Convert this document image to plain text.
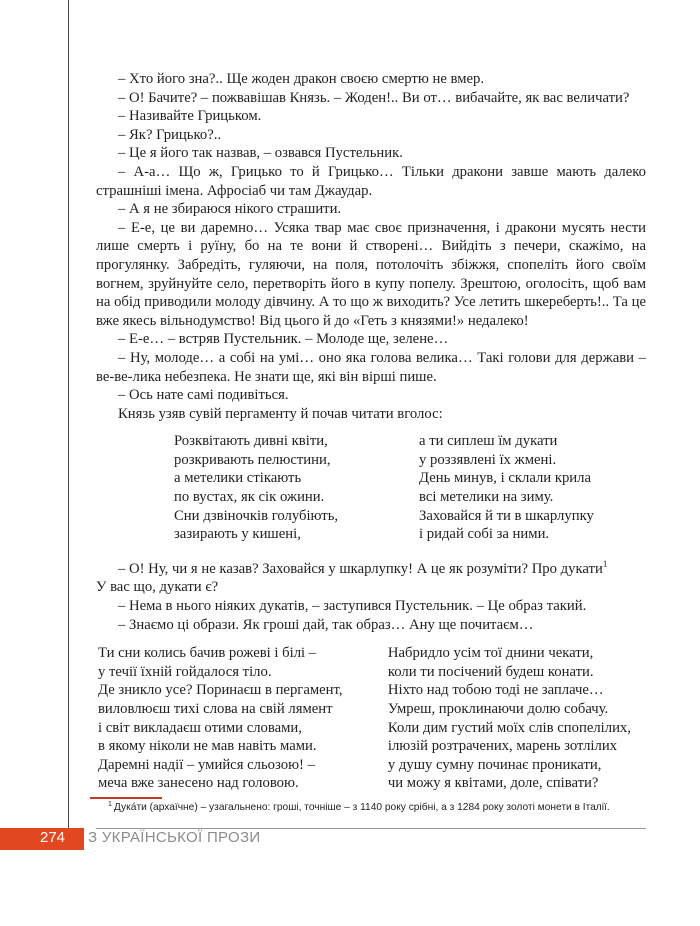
– Хто його зна?.. Ще жоден дракон своєю смертю не вмер.

– О! Бачите? – пожвавішав Князь. – Жоден!.. Ви от… вибачайте, як вас величати?

– Називайте Грицьком.

– Як? Грицько?..

– Це я його так назвав, – озвався Пустельник.

– А-а… Що ж, Грицько то й Грицько… Тільки дракони завше мають далеко страшніші імена. Афросіаб чи там Джаудар.

– А я не збираюся нікого страшити.

– Е-е, це ви даремно… Усяка твар має своє призначення, і дракони мусять нести лише смерть і руїну, бо на те вони й створені… Вийдіть з печери, скажімо, на прогулянку. Забредіть, гуляючи, на поля, потолочіть збіжжя, спопеліть його своїм вогнем, зруйнуйте село, перетворіть його в купу попелу. Зрештою, оголосіть, щоб вам на обід приводили молоду дівчину. А то що ж виходить? Усе летить шкереберть!.. Та це вже якесь вільнодумство! Від цього й до «Геть з князями!» недалеко!

– Е-е… – встряв Пустельник. – Молоде ще, зелене…

– Ну, молоде… а собі на умі… оно яка голова велика… Такі голови для держави – ве-ве-лика небезпека. Не знати ще, які він вірші пише.

– Ось нате самі подивіться.

Князь узяв сувій пергаменту й почав читати вголос:

Розквітають дивні квіти,
розкривають пелюстини,
а метелики стікають
по вустах, як сік ожини.
Сни дзвіночків голубіють,
зазирають у кишені,
а ти сиплеш їм дукати
у роззявлені їх жмені.
День минув, і склали крила
всі метелики на зиму.
Заховайся й ти в шкарлупку
і ридай собі за ними.

– О! Ну, чи я не казав? Заховайся у шкарлупку! А це як розуміти? Про дукати$^1$

У вас що, дукати є?

– Нема в нього ніяких дукатів, – заступився Пустельник. – Це образ такий.

– Знаємо ці образи. Як гроші дай, так образ… Ану ще почитаєм…

Ти сни колись бачив рожеві і білі –
у течії їхній гойдалося тіло.
Де зникло усе? Поринаєш в пергамент,
виловлюєш тихі слова на свій лямент
і світ викладаєш отими словами,
в якому ніколи не мав навіть мами.
Даремні надії – умийся сльозою! –
меча вже занесено над головою.
Набридло усім тої днини чекати,
коли ти посічений будеш конати.
Ніхто над тобою тоді не заплаче…
Умреш, проклинаючи долю собачу.
Коли дим густий моїх слів спопелілих,
ілюзій розтрачених, марень зотлілих
у душу сумну починає проникати,
чи можу я квітами, доле, співати?
$^1$ Дука́ти (архаїчне) – узагальнено: гроші, точніше – з 1140 року срібні, а з 1284 року золоті монети в Італії.
274 З УКРАЇНСЬКОЇ ПРОЗИ
